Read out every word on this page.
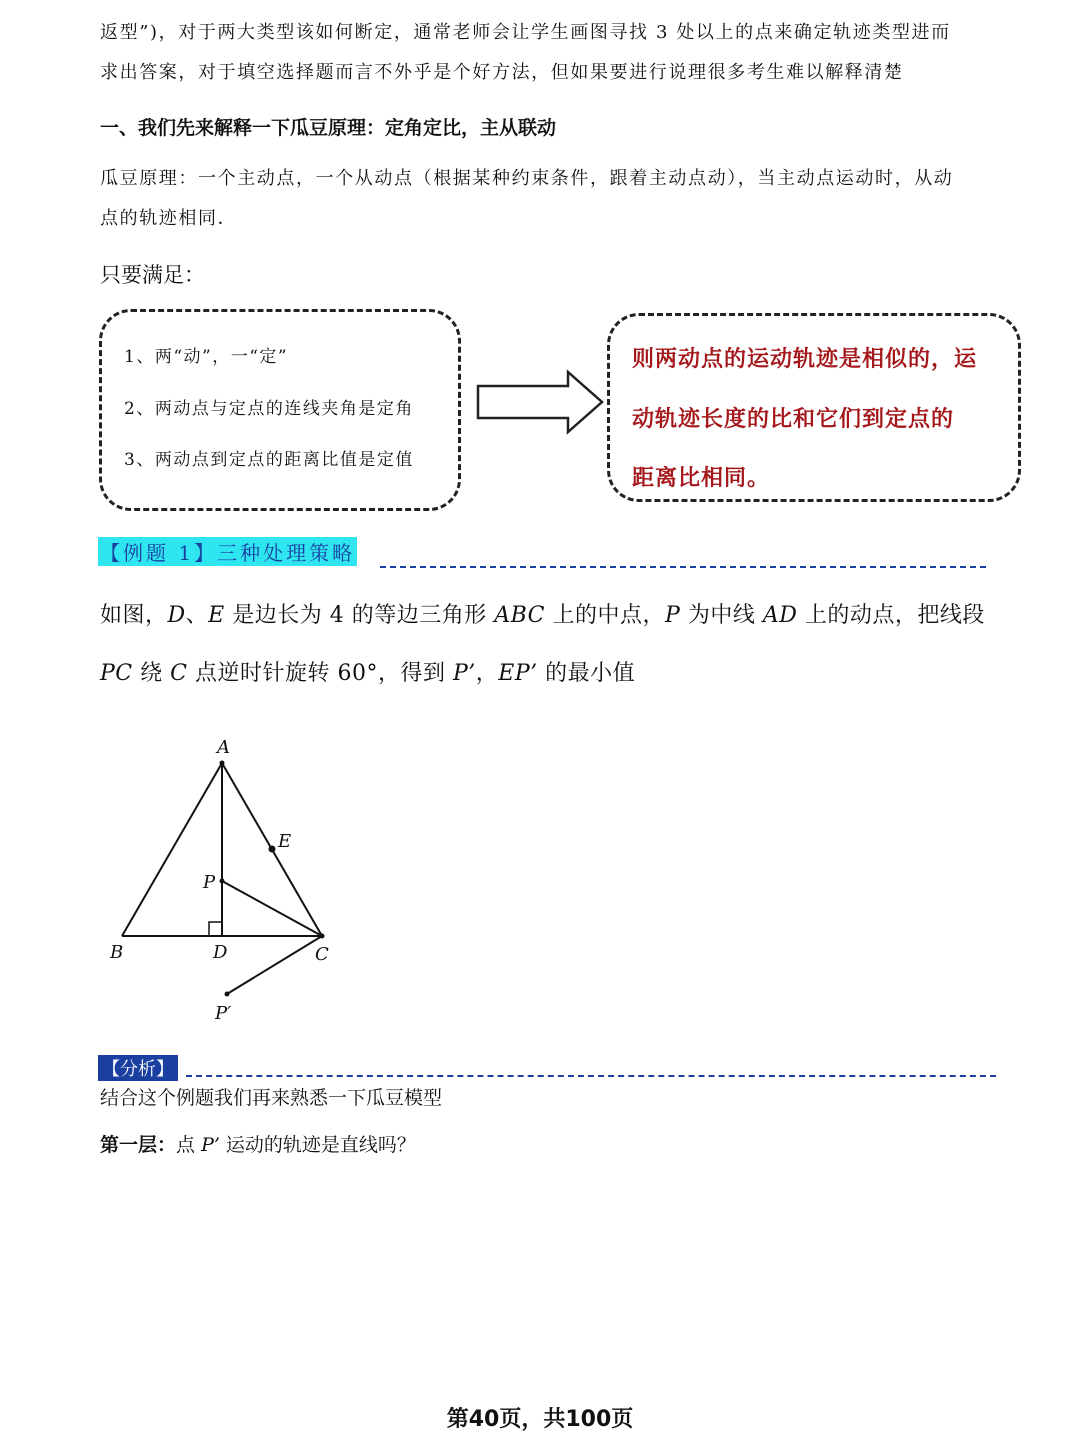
返型”)，对于两大类型该如何断定，通常老师会让学生画图寻找 3 处以上的点来确定轨迹类型进而
求出答案，对于填空选择题而言不外乎是个好方法，但如果要进行说理很多考生难以解释清楚
一、我们先来解释一下瓜豆原理：定角定比，主从联动
瓜豆原理：一个主动点，一个从动点（根据某种约束条件，跟着主动点动），当主动点运动时，从动
点的轨迹相同．
只要满足：
1、两“动”，一“定”
2、两动点与定点的连线夹角是定角
3、两动点到定点的距离比值是定值
则两动点的运动轨迹是相似的，运
动轨迹长度的比和它们到定点的
距离比相同。
【例题 1】三种处理策略
如图，D、E 是边长为 4 的等边三角形 ABC 上的中点，P 为中线 AD 上的动点，把线段
PC 绕 C 点逆时针旋转 60°，得到 P’，EP’ 的最小值
A
E
P
B	D	C
P′
【分析】
结合这个例题我们再来熟悉一下瓜豆模型
第一层：点 P’ 运动的轨迹是直线吗？
第40页，共100页
